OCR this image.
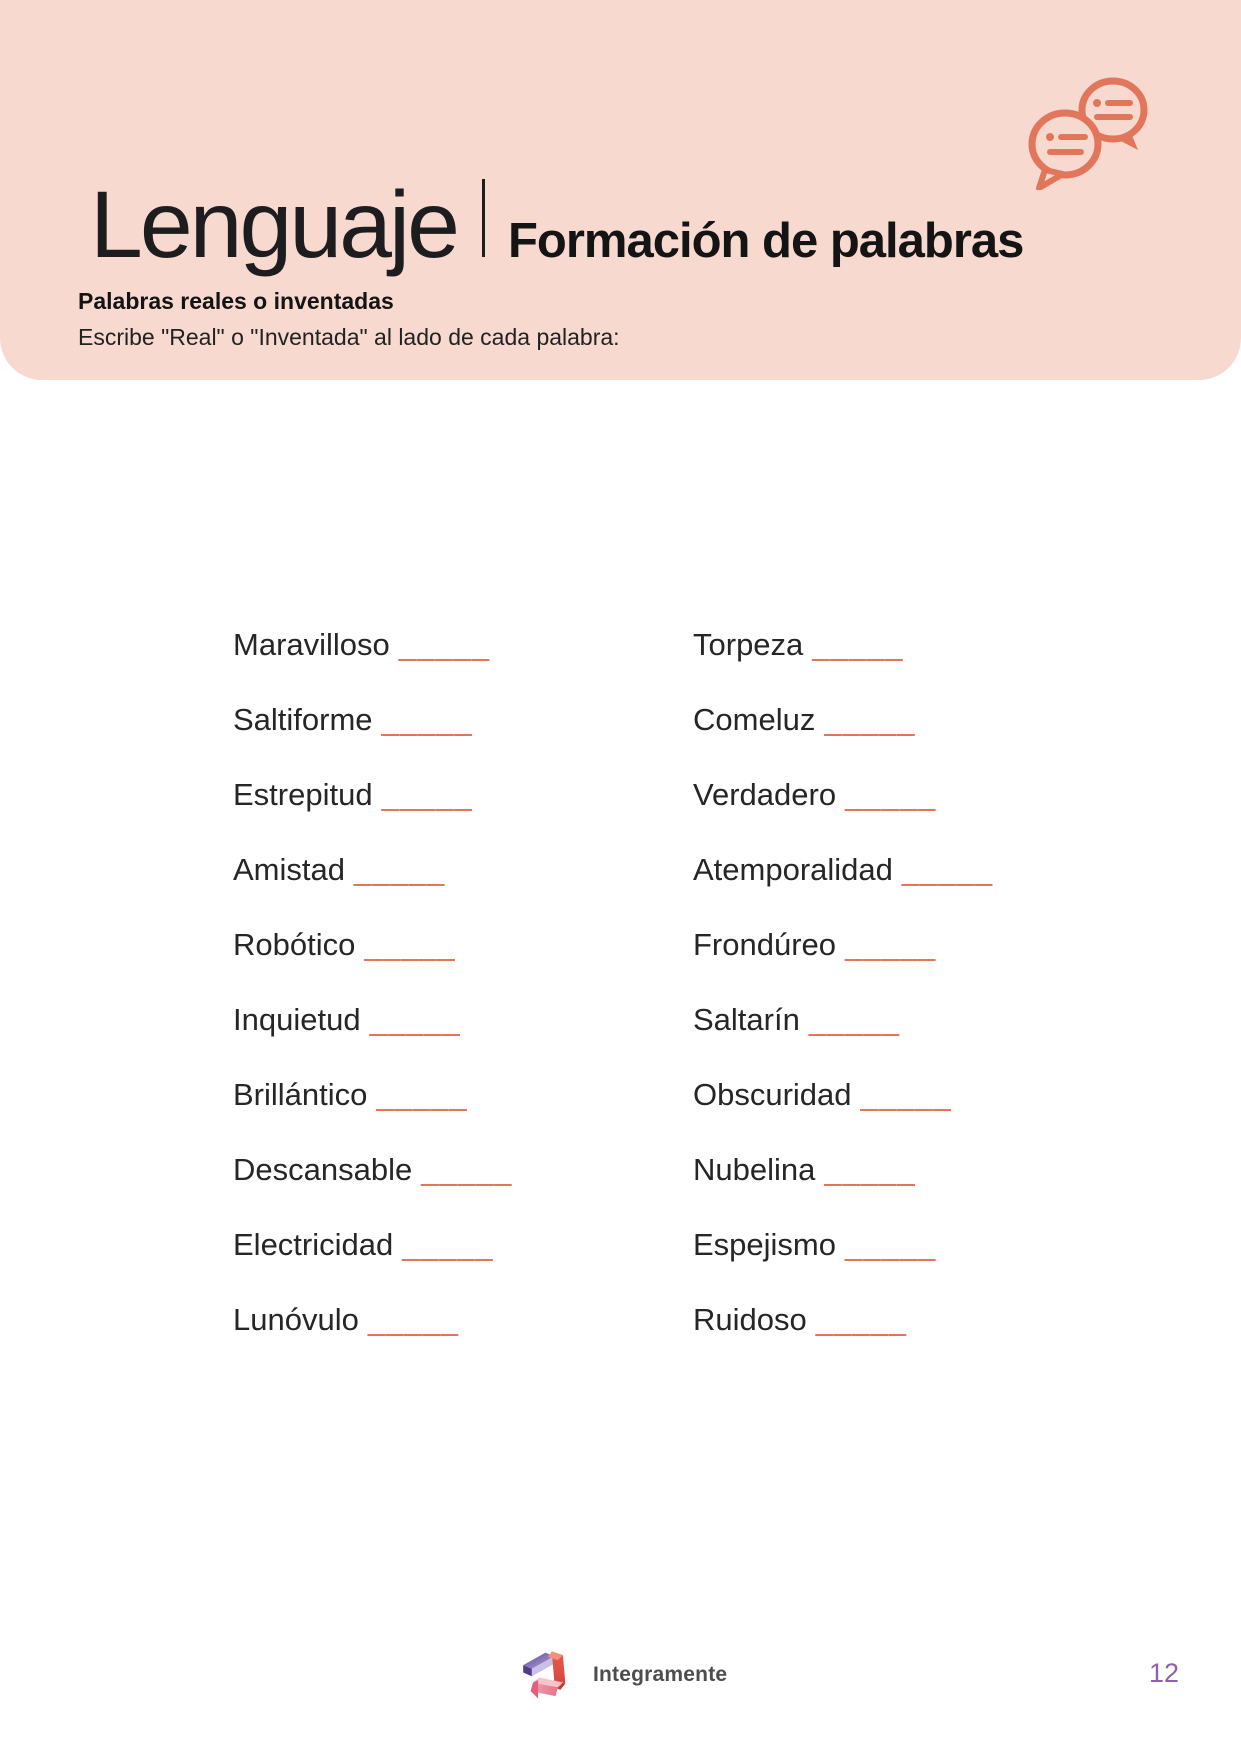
Lenguaje Formación de palabras
Palabras reales o inventadas
Escribe "Real" o "Inventada" al lado de cada palabra:
Maravilloso _____
Saltiforme _____
Estrepitud _____
Amistad _____
Robótico _____
Inquietud _____
Brillántico _____
Descansable _____
Electricidad _____
Lunóvulo _____
Torpeza _____
Comeluz _____
Verdadero _____
Atemporalidad _____
Frondúreo _____
Saltarín _____
Obscuridad _____
Nubelina _____
Espejismo _____
Ruidoso _____
Integramente	12
